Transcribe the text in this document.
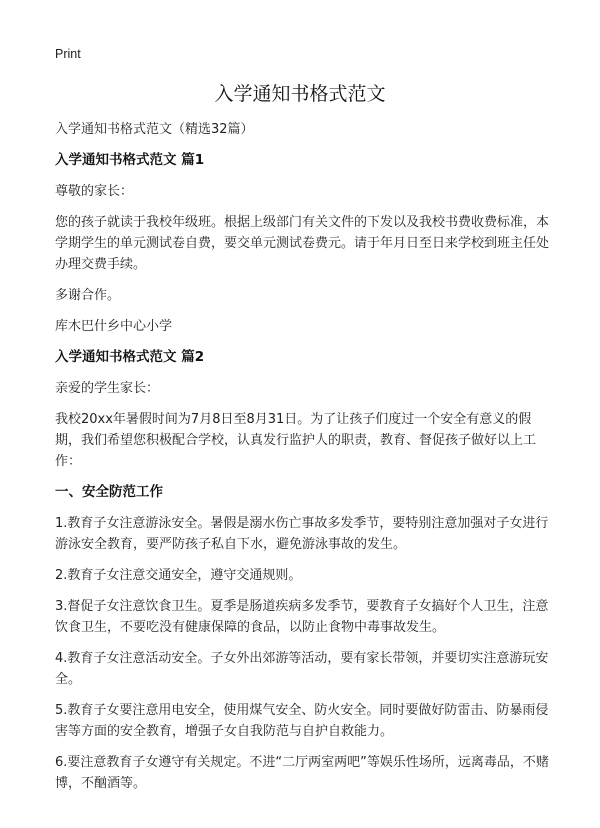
Print
入学通知书格式范文
入学通知书格式范文（精选32篇）
入学通知书格式范文 篇1
尊敬的家长：
您的孩子就读于我校年级班。根据上级部门有关文件的下发以及我校书费收费标准，本学期学生的单元测试卷自费，要交单元测试卷费元。请于年月日至日来学校到班主任处办理交费手续。
多谢合作。
库木巴什乡中心小学
入学通知书格式范文 篇2
亲爱的学生家长：
我校20xx年暑假时间为7月8日至8月31日。为了让孩子们度过一个安全有意义的假期，我们希望您积极配合学校，认真发行监护人的职责，教育、督促孩子做好以上工作：
一、安全防范工作
1.教育子女注意游泳安全。暑假是溺水伤亡事故多发季节，要特别注意加强对子女进行游泳安全教育，要严防孩子私自下水，避免游泳事故的发生。
2.教育子女注意交通安全，遵守交通规则。
3.督促子女注意饮食卫生。夏季是肠道疾病多发季节，要教育子女搞好个人卫生，注意饮食卫生，不要吃没有健康保障的食品，以防止食物中毒事故发生。
4.教育子女注意活动安全。子女外出郊游等活动，要有家长带领，并要切实注意游玩安全。
5.教育子女要注意用电安全，使用煤气安全、防火安全。同时要做好防雷击、防暴雨侵害等方面的安全教育，增强子女自我防范与自护自救能力。
6.要注意教育子女遵守有关规定。不进“二厅两室两吧”等娱乐性场所，远离毒品，不赌博，不酗酒等。
